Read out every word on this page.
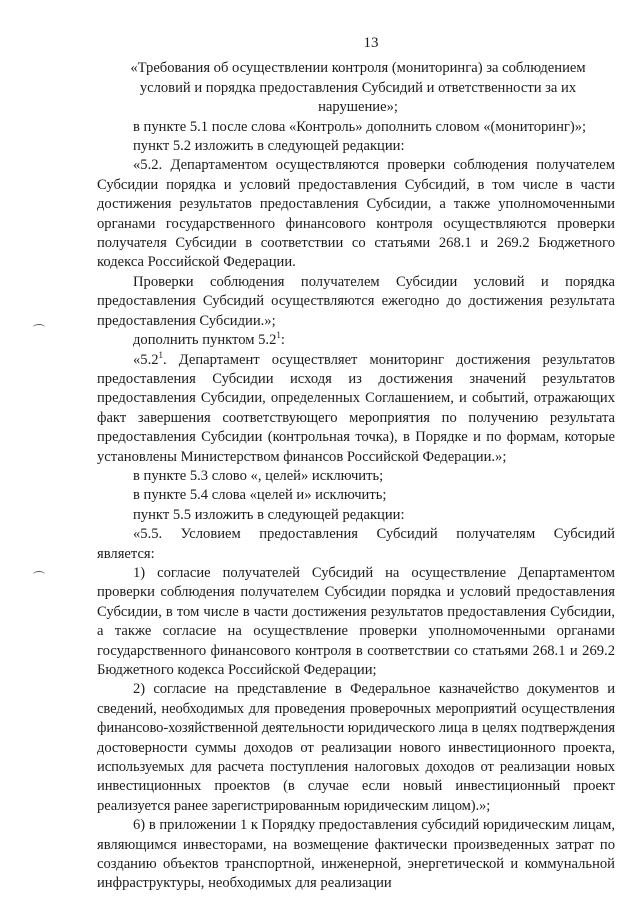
13

«Требования об осуществлении контроля (мониторинга) за соблюдением условий и порядка предоставления Субсидий и ответственности за их нарушение»;

в пункте 5.1 после слова «Контроль» дополнить словом «(мониторинг)»;

пункт 5.2 изложить в следующей редакции:

«5.2. Департаментом осуществляются проверки соблюдения получателем Субсидии порядка и условий предоставления Субсидий, в том числе в части достижения результатов предоставления Субсидии, а также уполномоченными органами государственного финансового контроля осуществляются проверки получателя Субсидии в соответствии со статьями 268.1 и 269.2 Бюджетного кодекса Российской Федерации.

Проверки соблюдения получателем Субсидии условий и порядка предоставления Субсидий осуществляются ежегодно до достижения результата предоставления Субсидии.»;

дополнить пунктом $5.2^1$:

«$5.2^1$. Департамент осуществляет мониторинг достижения результатов предоставления Субсидии исходя из достижения значений результатов предоставления Субсидии, определенных Соглашением, и событий, отражающих факт завершения соответствующего мероприятия по получению результата предоставления Субсидии (контрольная точка), в Порядке и по формам, которые установлены Министерством финансов Российской Федерации.»;

в пункте 5.3 слово «, целей» исключить;

в пункте 5.4 слова «целей и» исключить;

пункт 5.5 изложить в следующей редакции:

«5.5. Условием предоставления Субсидий получателям Субсидий является:

1) согласие получателей Субсидий на осуществление Департаментом проверки соблюдения получателем Субсидии порядка и условий предоставления Субсидии, в том числе в части достижения результатов предоставления Субсидии, а также согласие на осуществление проверки уполномоченными органами государственного финансового контроля в соответствии со статьями 268.1 и 269.2 Бюджетного кодекса Российской Федерации;

2) согласие на представление в Федеральное казначейство документов и сведений, необходимых для проведения проверочных мероприятий осуществления финансово-хозяйственной деятельности юридического лица в целях подтверждения достоверности суммы доходов от реализации нового инвестиционного проекта, используемых для расчета поступления налоговых доходов от реализации новых инвестиционных проектов (в случае если новый инвестиционный проект реализуется ранее зарегистрированным юридическим лицом).»;

6) в приложении 1 к Порядку предоставления субсидий юридическим лицам, являющимся инвесторами, на возмещение фактически произведенных затрат по созданию объектов транспортной, инженерной, энергетической и коммунальной инфраструктуры, необходимых для реализации
